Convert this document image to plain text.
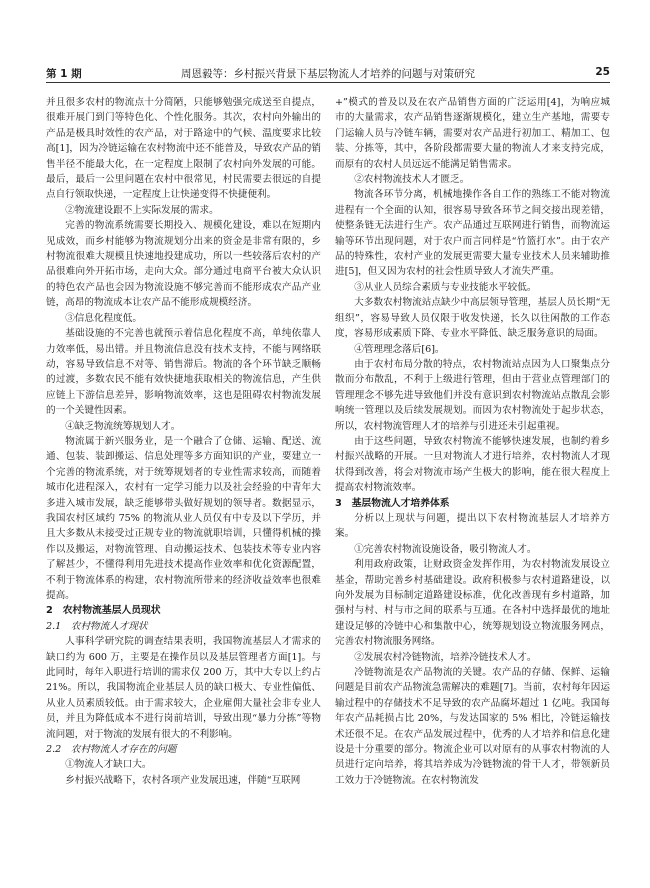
第 1 期	周恩毅等：乡村振兴背景下基层物流人才培养的问题与对策研究	25

并且很多农村的物流点十分简陋，只能够勉强完成送至自提点，很难开展门到门等特色化、个性化服务。其次，农村向外输出的产品是极具时效性的农产品，对于路途中的气候、温度要求比较高[1]，因为冷链运输在农村物流中还不能普及，导致农产品的销售半径不能最大化，在一定程度上限制了农村向外发展的可能。最后，最后一公里问题在农村中很常见，村民需要去很远的自提点自行领取快递，一定程度上让快递变得不快捷便利。

②物流建设跟不上实际发展的需求。

完善的物流系统需要长期投入、规模化建设，难以在短期内见成效，而乡村能够为物流规划分出来的资金是非常有限的，乡村物流很难大规模且快速地投建成功，所以一些较落后农村的产品很难向外开拓市场，走向大众。部分通过电商平台被大众认识的特色农产品也会因为物流设施不够完善而不能形成农产品产业链，高昂的物流成本让农产品不能形成规模经济。

③信息化程度低。

基础设施的不完善也就预示着信息化程度不高，单纯依靠人力效率低，易出错。并且物流信息没有技术支持，不能与网络联动，容易导致信息不对等、销售滞后。物流的各个环节缺乏顺畅的过渡，多数农民不能有效快捷地获取相关的物流信息，产生供应链上下游信息差异，影响物流效率，这也是阻碍农村物流发展的一个关键性因素。

④缺乏物流统筹规划人才。

物流属于新兴服务业，是一个融合了仓储、运输、配送、流通、包装、装卸搬运、信息处理等多方面知识的产业，要建立一个完善的物流系统，对于统筹规划者的专业性需求较高，而随着城市化进程深入，农村有一定学习能力以及社会经验的中青年大多进入城市发展，缺乏能够带头做好规划的领导者。数据显示，我国农村区域约 75% 的物流从业人员仅有中专及以下学历，并且大多数从未接受过正规专业的物流就职培训，只懂得机械的操作以及搬运，对物流管理、自动搬运技术、包装技术等专业内容了解甚少，不懂得利用先进技术提高作业效率和优化资源配置，不利于物流体系的构建，农村物流所带来的经济收益效率也很难提高。

2　农村物流基层人员现状

2.1　农村物流人才现状

人事科学研究院的调查结果表明，我国物流基层人才需求的缺口约为 600 万，主要是在操作员以及基层管理者方面[1]。与此同时，每年入职进行培训的需求仅 200 万，其中大专以上约占 21%。所以，我国物流企业基层人员的缺口极大、专业性偏低、从业人员素质较低。由于需求较大，企业雇佣大量社会非专业人员，并且为降低成本不进行岗前培训，导致出现“暴力分拣”等物流问题，对于物流的发展有很大的不利影响。

2.2　农村物流人才存在的问题

①物流人才缺口大。

乡村振兴战略下，农村各项产业发展迅速，伴随“互联网

+”模式的普及以及在农产品销售方面的广泛运用[4]，为响应城市的大量需求，农产品销售逐渐规模化，建立生产基地，需要专门运输人员与冷链车辆，需要对农产品进行初加工、精加工、包装、分拣等，其中，各阶段都需要大量的物流人才来支持完成，而原有的农村人员远远不能满足销售需求。

②农村物流技术人才匮乏。

物流各环节分离，机械地操作各自工作的熟练工不能对物流进程有一个全面的认知，很容易导致各环节之间交接出现差错，使整条链无法进行生产。农产品通过互联网进行销售，而物流运输等环节出现问题，对于农户而言同样是“竹篮打水”。由于农产品的特殊性，农村产业的发展更需要大量专业技术人员来辅助推进[5]，但又因为农村的社会性质导致人才流失严重。

③从业人员综合素质与专业技能水平较低。

大多数农村物流站点缺少中高层领导管理，基层人员长期“无组织”，容易导致人员仅限于收发快递，长久以往闲散的工作态度，容易形成素质下降、专业水平降低、缺乏服务意识的局面。

④管理理念落后[6]。

由于农村布局分散的特点，农村物流站点因为人口聚集点分散而分布散乱，不利于上级进行管理，但由于营业点管理部门的管理理念不够先进导致他们并没有意识到农村物流站点散乱会影响统一管理以及后续发展规划。而因为农村物流处于起步状态，所以，农村物流管理人才的培养与引进还未引起重视。

由于这些问题，导致农村物流不能够快速发展，也制约着乡村振兴战略的开展。一旦对物流人才进行培养，农村物流人才现状得到改善，将会对物流市场产生极大的影响，能在很大程度上提高农村物流效率。

3　基层物流人才培养体系

分析以上现状与问题，提出以下农村物流基层人才培养方案。

①完善农村物流设施设备，吸引物流人才。

利用政府政策，让财政资金发挥作用，为农村物流发展设立基金，帮助完善乡村基础建设。政府积极参与农村道路建设，以向外发展为目标制定道路建设标准，优化改善现有乡村道路，加强村与村、村与市之间的联系与互通。在各村中选择最优的地址建设足够的冷链中心和集散中心，统筹规划设立物流服务网点，完善农村物流服务网络。

②发展农村冷链物流，培养冷链技术人才。

冷链物流是农产品物流的关键。农产品的存储、保鲜、运输问题是目前农产品物流急需解决的难题[7]。当前，农村每年因运输过程中的存储技术不足导致的农产品腐坏超过 1 亿吨。我国每年农产品耗损占比 20%，与发达国家的 5% 相比，冷链运输技术还很不足。在农产品发展过程中，优秀的人才培养和信息化建设是十分重要的部分。物流企业可以对原有的从事农村物流的人员进行定向培养，将其培养成为冷链物流的骨干人才，带领新员工效力于冷链物流。在农村物流发
